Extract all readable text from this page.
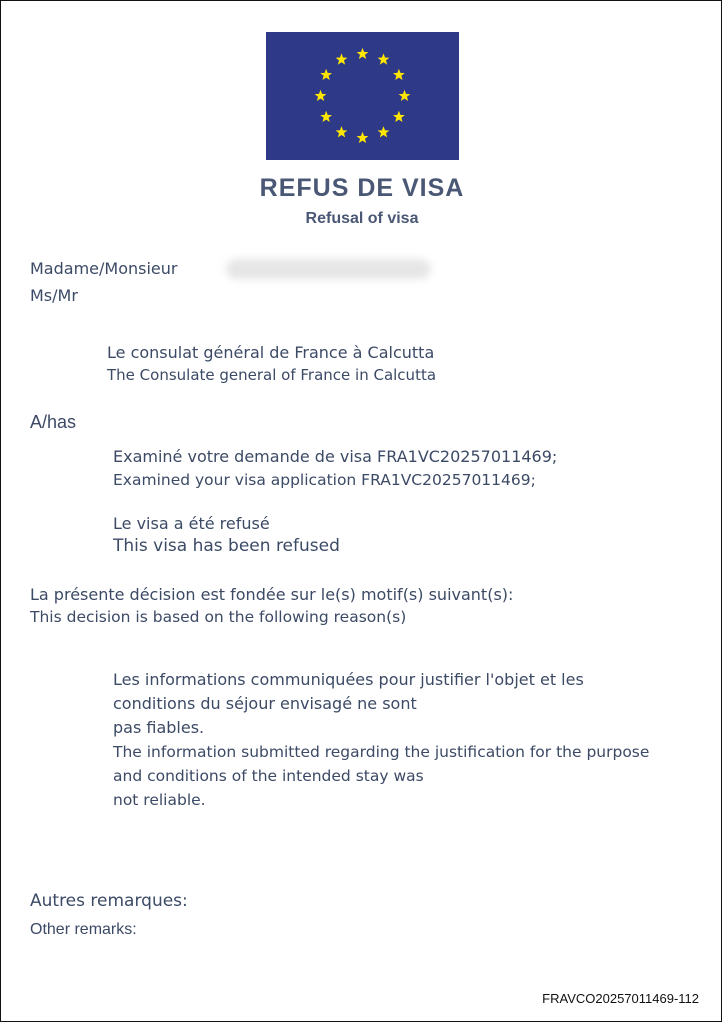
REFUS DE VISA
Refusal of visa
Madame/Monsieur
Ms/Mr
Le consulat général de France à Calcutta
The Consulate general of France in Calcutta
A/has
Examiné votre demande de visa FRA1VC20257011469;
Examined your visa application FRA1VC20257011469;
Le visa a été refusé
This visa has been refused
La présente décision est fondée sur le(s) motif(s) suivant(s):
This decision is based on the following reason(s)
Les informations communiquées pour justifier l'objet et les
conditions du séjour envisagé ne sont
pas fiables.
The information submitted regarding the justification for the purpose
and conditions of the intended stay was
not reliable.
Autres remarques:
Other remarks:
FRAVCO20257011469-112
